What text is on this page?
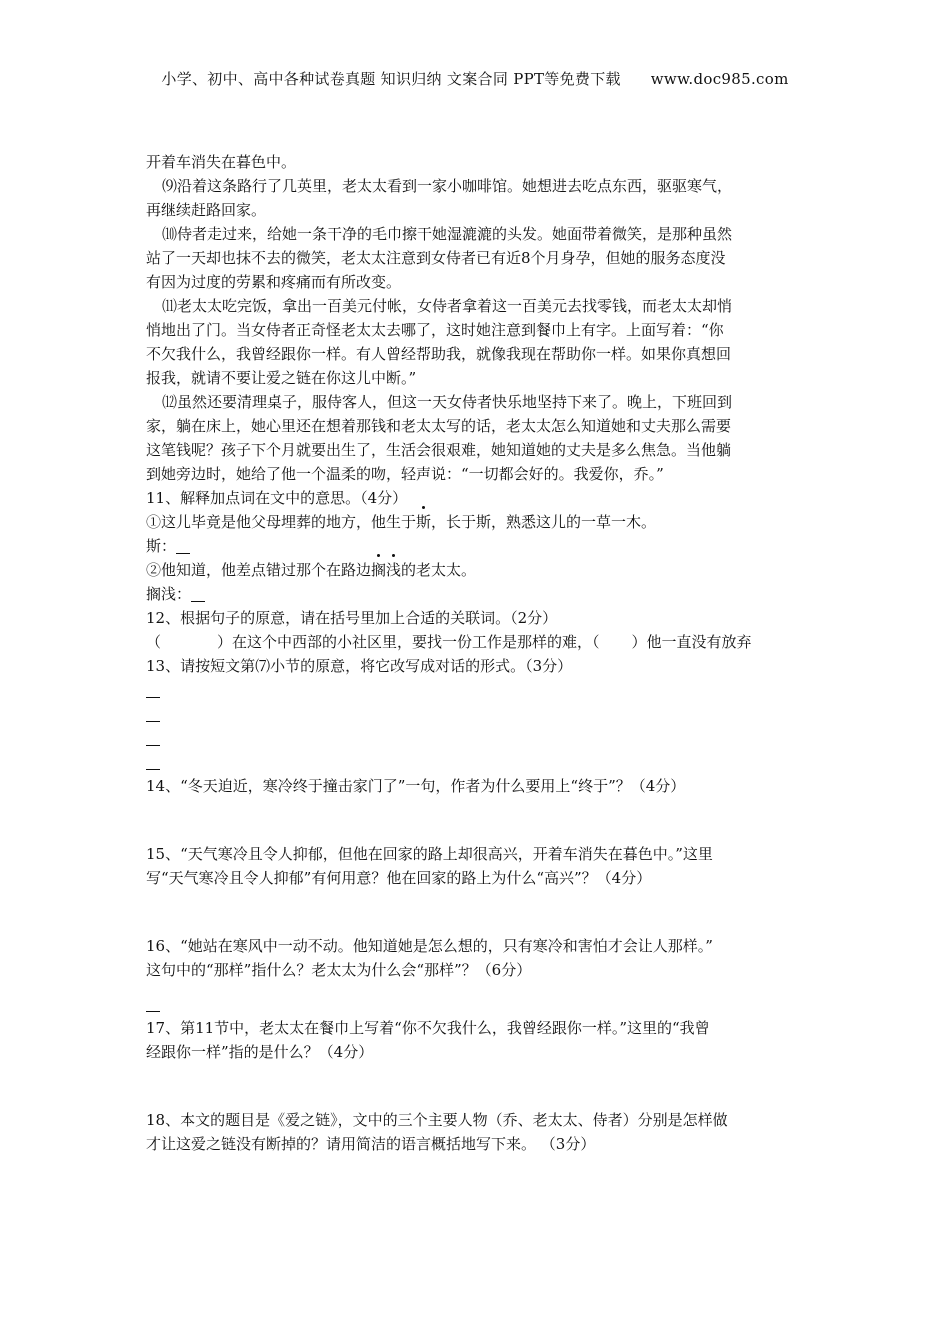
小学、初中、高中各种试卷真题 知识归纳 文案合同 PPT等免费下载 www.doc985.com
开着车消失在暮色中。
⑼沿着这条路行了几英里，老太太看到一家小咖啡馆。她想进去吃点东西，驱驱寒气，
再继续赶路回家。
⑽侍者走过来，给她一条干净的毛巾擦干她湿漉漉的头发。她面带着微笑，是那种虽然
站了一天却也抹不去的微笑，老太太注意到女侍者已有近8个月身孕，但她的服务态度没
有因为过度的劳累和疼痛而有所改变。
⑾老太太吃完饭，拿出一百美元付帐，女侍者拿着这一百美元去找零钱，而老太太却悄
悄地出了门。当女侍者正奇怪老太太去哪了，这时她注意到餐巾上有字。上面写着：“你
不欠我什么，我曾经跟你一样。有人曾经帮助我，就像我现在帮助你一样。如果你真想回
报我，就请不要让爱之链在你这儿中断。”
⑿虽然还要清理桌子，服侍客人，但这一天女侍者快乐地坚持下来了。晚上，下班回到
家，躺在床上，她心里还在想着那钱和老太太写的话，老太太怎么知道她和丈夫那么需要
这笔钱呢？孩子下个月就要出生了，生活会很艰难，她知道她的丈夫是多么焦急。当他躺
到她旁边时，她给了他一个温柔的吻，轻声说：“一切都会好的。我爱你，乔。”
11、解释加点词在文中的意思。（4分）
①这儿毕竟是他父母埋葬的地方，他生于斯，长于斯，熟悉这儿的一草一木。
斯：
②他知道，他差点错过那个在路边搁浅的老太太。
搁浅：
12、根据句子的原意，请在括号里加上合适的关联词。（2分）
（	）在这个中西部的小社区里，要找一份工作是那样的难，（ ）他一直没有放弃
13、请按短文第⑺小节的原意，将它改写成对话的形式。（3分）
14、“冬天迫近，寒冷终于撞击家门了”一句，作者为什么要用上“终于”？（4分）
15、“天气寒冷且令人抑郁，但他在回家的路上却很高兴，开着车消失在暮色中。”这里
写“天气寒冷且令人抑郁”有何用意？他在回家的路上为什么“高兴”？（4分）
16、“她站在寒风中一动不动。他知道她是怎么想的，只有寒冷和害怕才会让人那样。”
这句中的“那样”指什么？老太太为什么会“那样”？（6分）
17、第11节中，老太太在餐巾上写着“你不欠我什么，我曾经跟你一样。”这里的“我曾
经跟你一样”指的是什么？（4分）
18、本文的题目是《爱之链》，文中的三个主要人物（乔、老太太、侍者）分别是怎样做
才让这爱之链没有断掉的？请用简洁的语言概括地写下来。 （3分）
